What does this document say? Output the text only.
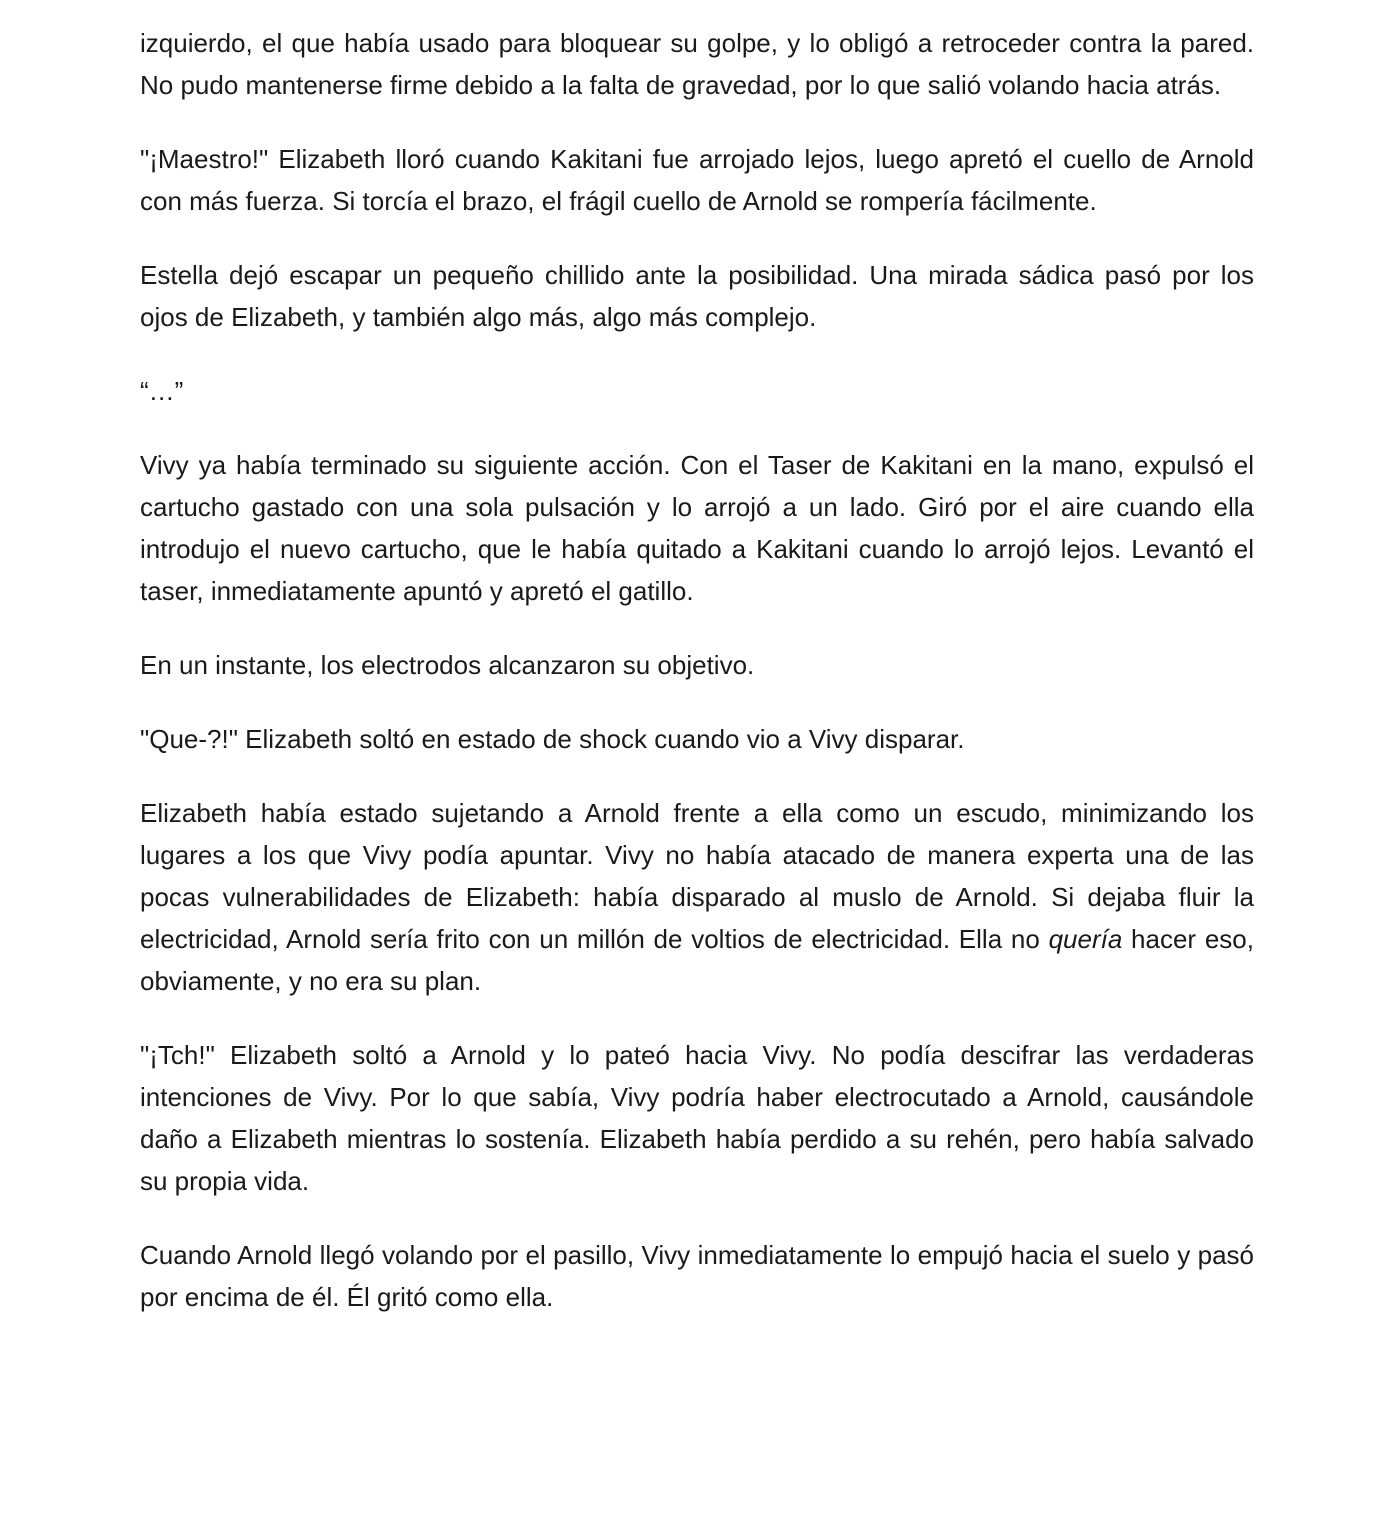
izquierdo, el que había usado para bloquear su golpe, y lo obligó a retroceder contra la pared. No pudo mantenerse firme debido a la falta de gravedad, por lo que salió volando hacia atrás.

"¡Maestro!" Elizabeth lloró cuando Kakitani fue arrojado lejos, luego apretó el cuello de Arnold con más fuerza. Si torcía el brazo, el frágil cuello de Arnold se rompería fácilmente.

Estella dejó escapar un pequeño chillido ante la posibilidad. Una mirada sádica pasó por los ojos de Elizabeth, y también algo más, algo más complejo.

“…”

Vivy ya había terminado su siguiente acción. Con el Taser de Kakitani en la mano, expulsó el cartucho gastado con una sola pulsación y lo arrojó a un lado. Giró por el aire cuando ella introdujo el nuevo cartucho, que le había quitado a Kakitani cuando lo arrojó lejos. Levantó el taser, inmediatamente apuntó y apretó el gatillo.

En un instante, los electrodos alcanzaron su objetivo.

"Que-?!" Elizabeth soltó en estado de shock cuando vio a Vivy disparar.

Elizabeth había estado sujetando a Arnold frente a ella como un escudo, minimizando los lugares a los que Vivy podía apuntar. Vivy no había atacado de manera experta una de las pocas vulnerabilidades de Elizabeth: había disparado al muslo de Arnold. Si dejaba fluir la electricidad, Arnold sería frito con un millón de voltios de electricidad. Ella no quería hacer eso, obviamente, y no era su plan.

"¡Tch!" Elizabeth soltó a Arnold y lo pateó hacia Vivy. No podía descifrar las verdaderas intenciones de Vivy. Por lo que sabía, Vivy podría haber electrocutado a Arnold, causándole daño a Elizabeth mientras lo sostenía. Elizabeth había perdido a su rehén, pero había salvado su propia vida.

Cuando Arnold llegó volando por el pasillo, Vivy inmediatamente lo empujó hacia el suelo y pasó por encima de él. Él gritó como ella.
